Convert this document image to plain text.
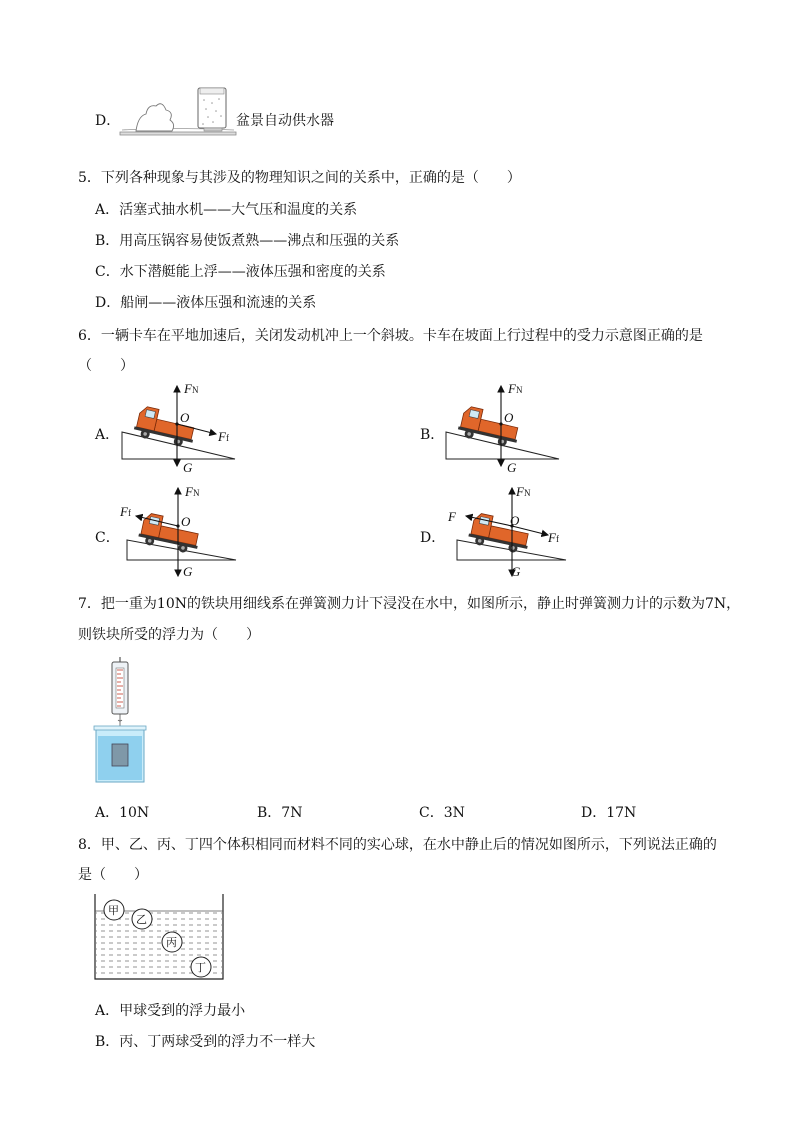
D．	盆景自动供水器
5．下列各种现象与其涉及的物理知识之间的关系中，正确的是（　　）
A．活塞式抽水机——大气压和温度的关系
B．用高压锅容易使饭煮熟——沸点和压强的关系
C．水下潜艇能上浮——液体压强和密度的关系
D．船闸——液体压强和流速的关系
6．一辆卡车在平地加速后，关闭发动机冲上一个斜坡。卡车在坡面上行过程中的受力示意图正确的是
（　　）
A．	B．
C．	D．
FN
O
Ff
G
FN
O
G
FN
Ff
O
G
FN
F	O
Ff
G
7．把一重为10N的铁块用细线系在弹簧测力计下浸没在水中，如图所示，静止时弹簧测力计的示数为7N，
则铁块所受的浮力为（　　）
A．10N	B．7N	C．3N	D．17N
8．甲、乙、丙、丁四个体积相同而材料不同的实心球，在水中静止后的情况如图所示，下列说法正确的
是（　　）
甲
乙
丙
丁
A．甲球受到的浮力最小
B．丙、丁两球受到的浮力不一样大
